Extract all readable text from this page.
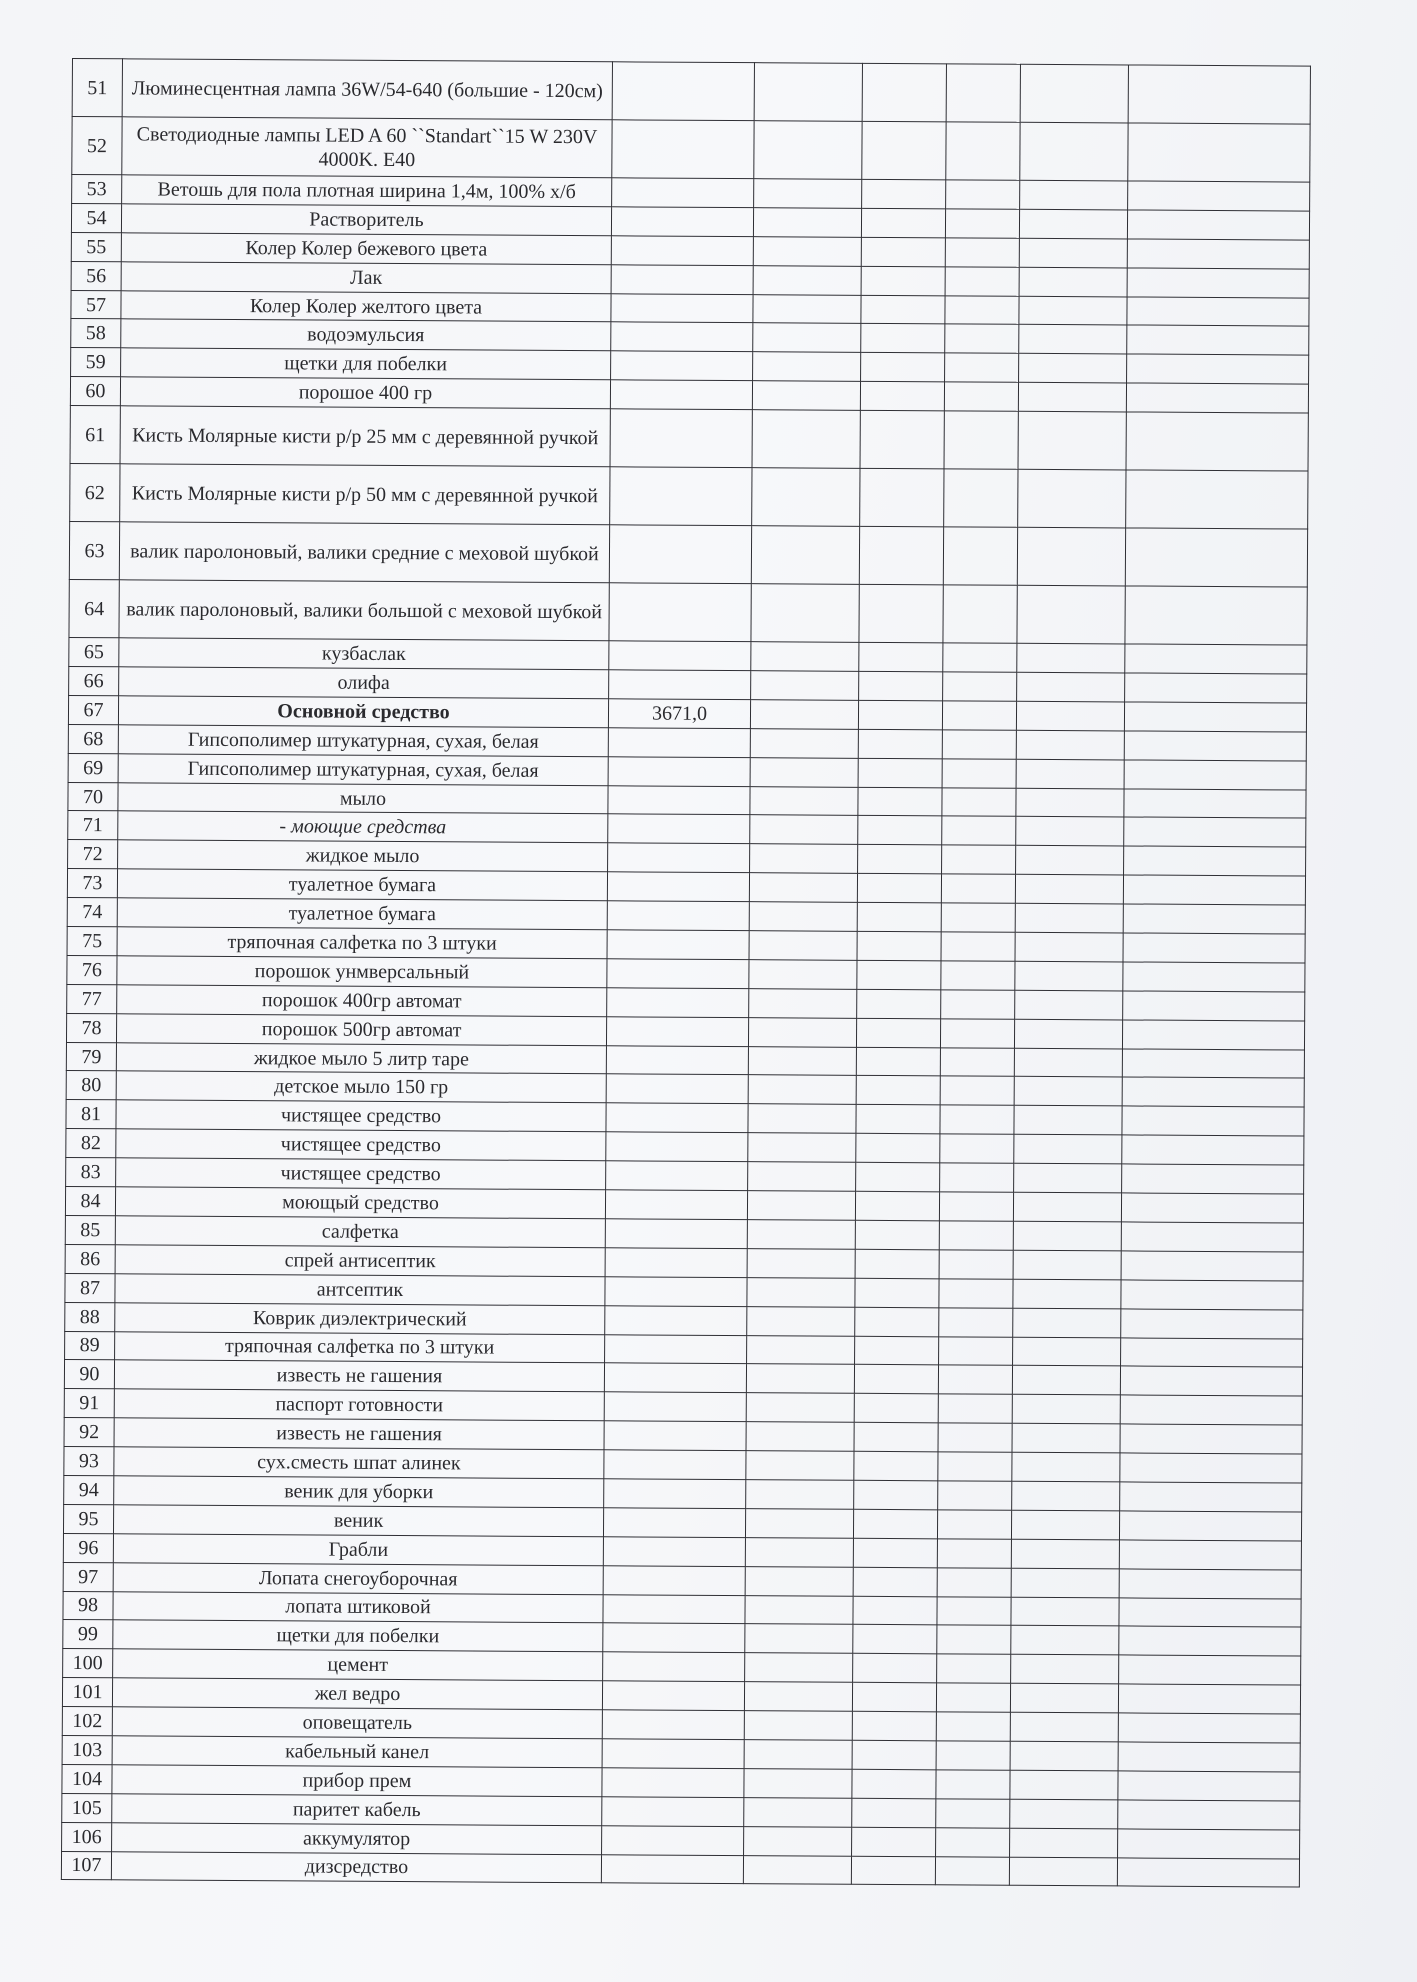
51	Люминесцентная лампа 36W/54-640 (большие - 120см)						
52	Светодиодные лампы LED A 60 ``Standart``15 W 230V 4000K. E40						
53	Ветошь для пола плотная ширина 1,4м, 100% х/б						
54	Растворитель						
55	Колер Колер бежевого цвета						
56	Лак						
57	Колер Колер желтого цвета						
58	водоэмульсия						
59	щетки для побелки						
60	порошое 400 гр						
61	Кисть Молярные кисти р/р 25 мм с деревянной ручкой						
62	Кисть Молярные кисти р/р 50 мм с деревянной ручкой						
63	валик паролоновый, валики средние с меховой шубкой						
64	валик паролоновый, валики большой с меховой шубкой						
65	кузбаслак						
66	олифа						
67	Основной средство	3671,0					
68	Гипсополимер штукатурная, сухая, белая						
69	Гипсополимер штукатурная, сухая, белая						
70	мыло						
71	- моющие средства						
72	жидкое мыло						
73	туалетное бумага						
74	туалетное бумага						
75	тряпочная салфетка по 3 штуки						
76	порошок унмверсальный						
77	порошок 400гр автомат						
78	порошок 500гр автомат						
79	жидкое мыло 5 литр таре						
80	детское мыло 150 гр						
81	чистящее средство						
82	чистящее средство						
83	чистящее средство						
84	моющый средство						
85	салфетка						
86	спрей антисептик						
87	антсептик						
88	Коврик диэлектрический						
89	тряпочная салфетка по 3 штуки						
90	известь не гашения						
91	паспорт готовности						
92	известь не гашения						
93	сух.сместь шпат алинек						
94	веник для уборки						
95	веник						
96	Грабли						
97	Лопата снегоуборочная						
98	лопата штиковой						
99	щетки для побелки						
100	цемент						
101	жел ведро						
102	оповещатель						
103	кабельный канел						
104	прибор прем						
105	паритет кабель						
106	аккумулятор						
107	дизсредство						
